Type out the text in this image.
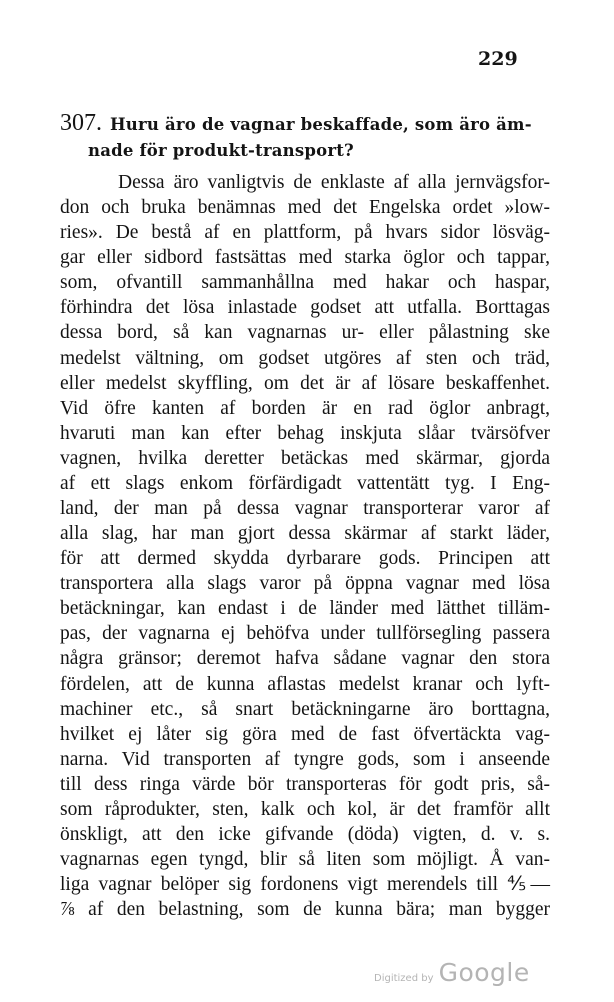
229
307. Huru äro de vagnar beskaffade, som äro äm-
nade för produkt-transport?
Dessa äro vanligtvis de enklaste af alla jernvägsfor-
don och bruka benämnas med det Engelska ordet »low-
ries». De bestå af en plattform, på hvars sidor lösväg-
gar eller sidbord fastsättas med starka öglor och tappar,
som, ofvantill sammanhållna med hakar och haspar,
förhindra det lösa inlastade godset att utfalla. Borttagas
dessa bord, så kan vagnarnas ur- eller pålastning ske
medelst vältning, om godset utgöres af sten och träd,
eller medelst skyffling, om det är af lösare beskaffenhet.
Vid öfre kanten af borden är en rad öglor anbragt,
hvaruti man kan efter behag inskjuta slåar tvärsöfver
vagnen, hvilka deretter betäckas med skärmar, gjorda
af ett slags enkom förfärdigadt vattentätt tyg. I Eng-
land, der man på dessa vagnar transporterar varor af
alla slag, har man gjort dessa skärmar af starkt läder,
för att dermed skydda dyrbarare gods. Principen att
transportera alla slags varor på öppna vagnar med lösa
betäckningar, kan endast i de länder med lätthet tilläm-
pas, der vagnarna ej behöfva under tullförsegling passera
några gränsor; deremot hafva sådane vagnar den stora
fördelen, att de kunna aflastas medelst kranar och lyft-
machiner etc., så snart betäckningarne äro borttagna,
hvilket ej låter sig göra med de fast öfvertäckta vag-
narna. Vid transporten af tyngre gods, som i anseende
till dess ringa värde bör transporteras för godt pris, så-
som råprodukter, sten, kalk och kol, är det framför allt
önskligt, att den icke gifvande (döda) vigten, d. v. s.
vagnarnas egen tyngd, blir så liten som möjligt. Å van-
liga vagnar belöper sig fordonens vigt merendels till ⅘—
⅞ af den belastning, som de kunna bära; man bygger
Digitized by Google
